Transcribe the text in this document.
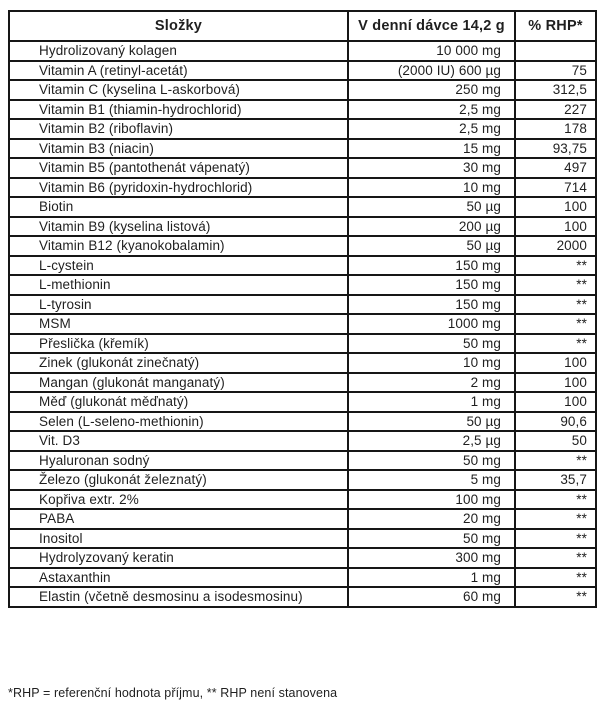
Složky	V denní dávce 14,2 g	% RHP*
Hydrolizovaný kolagen	10 000 mg	
Vitamin A (retinyl-acetát)	(2000 IU) 600 µg	75
Vitamin C (kyselina L-askorbová)	250 mg	312,5
Vitamin B1 (thiamin-hydrochlorid)	2,5 mg	227
Vitamin B2 (riboflavin)	2,5 mg	178
Vitamin B3 (niacin)	15 mg	93,75
Vitamin B5 (pantothenát vápenatý)	30 mg	497
Vitamin B6 (pyridoxin-hydrochlorid)	10 mg	714
Biotin	50 µg	100
Vitamin B9 (kyselina listová)	200 µg	100
Vitamin B12 (kyanokobalamin)	50 µg	2000
L-cystein	150 mg	**
L-methionin	150 mg	**
L-tyrosin	150 mg	**
MSM	1000 mg	**
Přeslička (křemík)	50 mg	**
Zinek (glukonát zinečnatý)	10 mg	100
Mangan (glukonát manganatý)	2 mg	100
Měď (glukonát měďnatý)	1 mg	100
Selen (L-seleno-methionin)	50 µg	90,6
Vit. D3	2,5 µg	50
Hyaluronan sodný	50 mg	**
Železo (glukonát železnatý)	5 mg	35,7
Kopřiva extr. 2%	100 mg	**
PABA	20 mg	**
Inositol	50 mg	**
Hydrolyzovaný keratin	300 mg	**
Astaxanthin	1 mg	**
Elastin (včetně desmosinu a isodesmosinu)	60 mg	**
*RHP = referenční hodnota příjmu, ** RHP není stanovena
